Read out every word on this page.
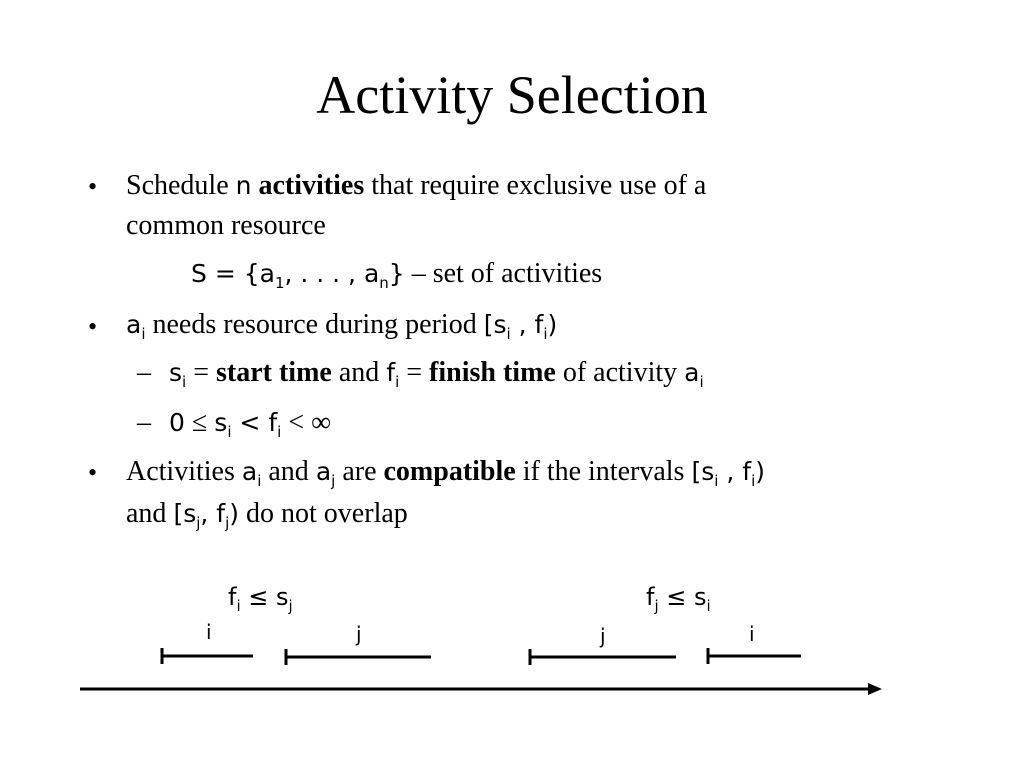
Activity Selection
• Schedule n activities that require exclusive use of a
common resource
$S = \{a_1$, . . . , $a_n$} – set of activities
• $a_i$ needs resource during period [$s_i$ , $f_i$)
– $s_i$ = start time and $f_i$ = finish time of activity $a_i$
– $0 \le s_i < f_i$ < ∞
• Activities $a_i$ and $a_j$ are compatible if the intervals [$s_i$ , $f_i$)
and [$s_j$, $f_j$) do not overlap
$f_i \le s_j$	$f_j \le s_i$
i	j	j	i
